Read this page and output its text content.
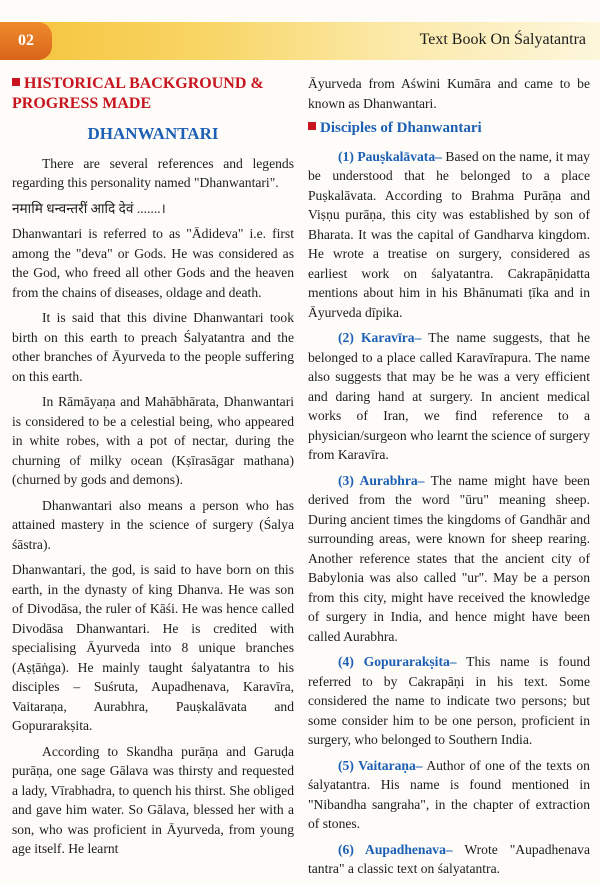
02	Text Book On Śalyatantra
HISTORICAL BACKGROUND & PROGRESS MADE
DHANWANTARI

There are several references and legends regarding this personality named "Dhanwantari".

नमामि धन्वन्तरीं आदि देवं .......।

Dhanwantari is referred to as "Ādideva" i.e. first among the "deva" or Gods. He was considered as the God, who freed all other Gods and the heaven from the chains of diseases, oldage and death.

It is said that this divine Dhanwantari took birth on this earth to preach Śalyatantra and the other branches of Āyurveda to the people suffering on this earth.

In Rāmāyaṇa and Mahābhārata, Dhanwantari is considered to be a celestial being, who appeared in white robes, with a pot of nectar, during the churning of milky ocean (Kṣīrasāgar mathana) (churned by gods and demons).

Dhanwantari also means a person who has attained mastery in the science of surgery (Śalya śāstra).

Dhanwantari, the god, is said to have born on this earth, in the dynasty of king Dhanva. He was son of Divodāsa, the ruler of Kāśi. He was hence called Divodāsa Dhanwantari. He is credited with specialising Āyurveda into 8 unique branches (Aṣṭāṅga). He mainly taught śalyatantra to his disciples – Suśruta, Aupadhenava, Karavīra, Vaitaraṇa, Aurabhra, Pauṣkalāvata and Gopurarakṣita.

According to Skandha purāṇa and Garuḍa purāṇa, one sage Gālava was thirsty and requested a lady, Vīrabhadra, to quench his thirst. She obliged and gave him water. So Gālava, blessed her with a son, who was proficient in Āyurveda, from young age itself. He learnt

Āyurveda from Aświni Kumāra and came to be known as Dhanwantari.

Disciples of Dhanwantari

(1) Pauṣkalāvata– Based on the name, it may be understood that he belonged to a place Puṣkalāvata. According to Brahma Purāṇa and Viṣṇu purāṇa, this city was established by son of Bharata. It was the capital of Gandharva kingdom. He wrote a treatise on surgery, considered as earliest work on śalyatantra. Cakrapāṇidatta mentions about him in his Bhānumati ṭīka and in Āyurveda dīpika.

(2) Karavīra– The name suggests, that he belonged to a place called Karavīrapura. The name also suggests that may be he was a very efficient and daring hand at surgery. In ancient medical works of Iran, we find reference to a physician/surgeon who learnt the science of surgery from Karavīra.

(3) Aurabhra– The name might have been derived from the word "ūru" meaning sheep. During ancient times the kingdoms of Gandhār and surrounding areas, were known for sheep rearing. Another reference states that the ancient city of Babylonia was also called "ur". May be a person from this city, might have received the knowledge of surgery in India, and hence might have been called Aurabhra.

(4) Gopurarakṣita– This name is found referred to by Cakrapāṇi in his text. Some considered the name to indicate two persons; but some consider him to be one person, proficient in surgery, who belonged to Southern India.

(5) Vaitaraṇa– Author of one of the texts on śalyatantra. His name is found mentioned in "Nibandha sangraha", in the chapter of extraction of stones.

(6) Aupadhenava– Wrote "Aupadhenava tantra" a classic text on śalyatantra.
